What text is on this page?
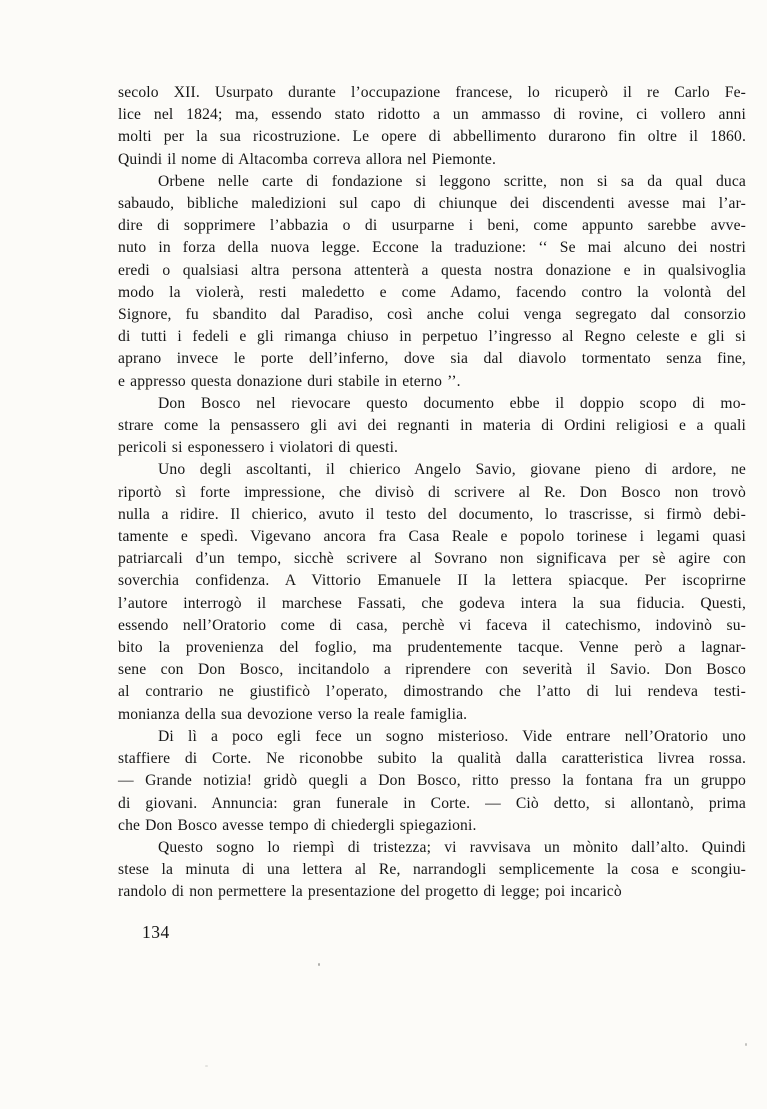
secolo XII. Usurpato durante l’occupazione francese, lo ricuperò il re Carlo Fe-
lice nel 1824; ma, essendo stato ridotto a un ammasso di rovine, ci vollero anni
molti per la sua ricostruzione. Le opere di abbellimento durarono fin oltre il 1860.
Quindi il nome di Altacomba correva allora nel Piemonte.
Orbene nelle carte di fondazione si leggono scritte, non si sa da qual duca
sabaudo, bibliche maledizioni sul capo di chiunque dei discendenti avesse mai l’ar-
dire di sopprimere l’abbazia o di usurparne i beni, come appunto sarebbe avve-
nuto in forza della nuova legge. Eccone la traduzione: ‘‘ Se mai alcuno dei nostri
eredi o qualsiasi altra persona attenterà a questa nostra donazione e in qualsivoglia
modo la violerà, resti maledetto e come Adamo, facendo contro la volontà del
Signore, fu sbandito dal Paradiso, così anche colui venga segregato dal consorzio
di tutti i fedeli e gli rimanga chiuso in perpetuo l’ingresso al Regno celeste e gli si
aprano invece le porte dell’inferno, dove sia dal diavolo tormentato senza fine,
e appresso questa donazione duri stabile in eterno ’’.
Don Bosco nel rievocare questo documento ebbe il doppio scopo di mo-
strare come la pensassero gli avi dei regnanti in materia di Ordini religiosi e a quali
pericoli si esponessero i violatori di questi.
Uno degli ascoltanti, il chierico Angelo Savio, giovane pieno di ardore, ne
riportò sì forte impressione, che divisò di scrivere al Re. Don Bosco non trovò
nulla a ridire. Il chierico, avuto il testo del documento, lo trascrisse, si firmò debi-
tamente e spedì. Vigevano ancora fra Casa Reale e popolo torinese i legami quasi
patriarcali d’un tempo, sicchè scrivere al Sovrano non significava per sè agire con
soverchia confidenza. A Vittorio Emanuele II la lettera spiacque. Per iscoprirne
l’autore interrogò il marchese Fassati, che godeva intera la sua fiducia. Questi,
essendo nell’Oratorio come di casa, perchè vi faceva il catechismo, indovinò su-
bito la provenienza del foglio, ma prudentemente tacque. Venne però a lagnar-
sene con Don Bosco, incitandolo a riprendere con severità il Savio. Don Bosco
al contrario ne giustificò l’operato, dimostrando che l’atto di lui rendeva testi-
monianza della sua devozione verso la reale famiglia.
Di lì a poco egli fece un sogno misterioso. Vide entrare nell’Oratorio uno
staffiere di Corte. Ne riconobbe subito la qualità dalla caratteristica livrea rossa.
— Grande notizia! gridò quegli a Don Bosco, ritto presso la fontana fra un gruppo
di giovani. Annuncia: gran funerale in Corte. — Ciò detto, si allontanò, prima
che Don Bosco avesse tempo di chiedergli spiegazioni.
Questo sogno lo riempì di tristezza; vi ravvisava un mònito dall’alto. Quindi
stese la minuta di una lettera al Re, narrandogli semplicemente la cosa e scongiu-
randolo di non permettere la presentazione del progetto di legge; poi incaricò
134
